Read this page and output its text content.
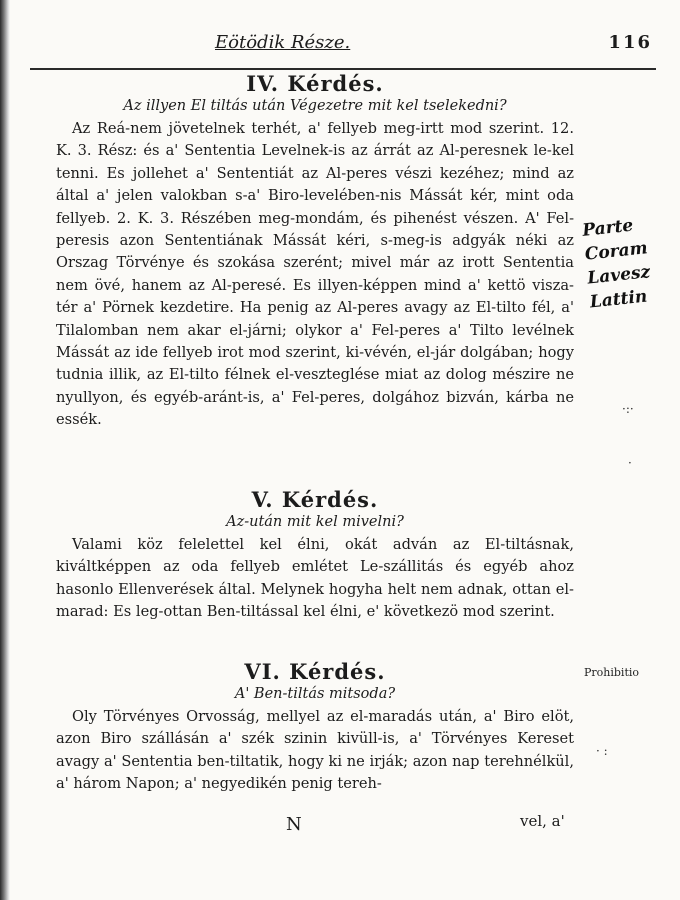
Eötödik Része.	116
IV. Kérdés.

Az illyen El tiltás után Végezetre mit kel tselekedni?

Az Reá-nem jövetelnek terhét, a' fellyeb meg-irtt mod szerint. 12. K. 3. Rész: és a' Sententia Levelnek-is az árrát az Al-peresnek le-kel tenni. Es jollehet a' Sententiát az Al-peres vészi kezéhez; mind az által a' jelen valokban s-a' Biro-levelében-nis Mássát kér, mint oda fellyeb. 2. K. 3. Részében meg-mondám, és pihenést vészen. A' Fel-peresis azon Sententiának Mássát kéri, s-meg-is adgyák néki az Orszag Törvénye és szokása szerént; mivel már az irott Sententia nem övé, hanem az Al-peresé. Es illyen-képpen mind a' kettö visza-tér a' Pörnek kezdetire. Ha penig az Al-peres avagy az El-tilto fél, a' Tilalomban nem akar el-járni; olykor a' Fel-peres a' Tilto levélnek Mássát az ide fellyeb irot mod szerint, ki-vévén, el-jár dolgában; hogy tudnia illik, az El-tilto félnek el-veszteglése miat az dolog mészire ne nyullyon, és egyéb-aránt-is, a' Fel-peres, dolgához bizván, kárba ne essék.

V. Kérdés.

Az-után mit kel mivelni?

Valami köz felelettel kel élni, okát adván az El-tiltásnak, kiváltképpen az oda fellyeb emlétet Le-szállitás és egyéb ahoz hasonlo Ellenverések által. Melynek hogyha helt nem adnak, ottan el-marad: Es leg-ottan Ben-tiltással kel élni, e' következö mod szerint.

VI. Kérdés.

A' Ben-tiltás mitsoda?

Oly Törvényes Orvosság, mellyel az el-maradás után, a' Biro elöt, azon Biro szállásán a' szék szinin kivüll-is, a' Törvényes Kereset avagy a' Sententia ben-tiltatik, hogy ki ne irják; azon nap terehnélkül, a' három Napon; a' negyedikén penig tereh-

Parte Coram Lavesz Lattin
Prohibitio
·:·
·
· :
N	vel, a'
